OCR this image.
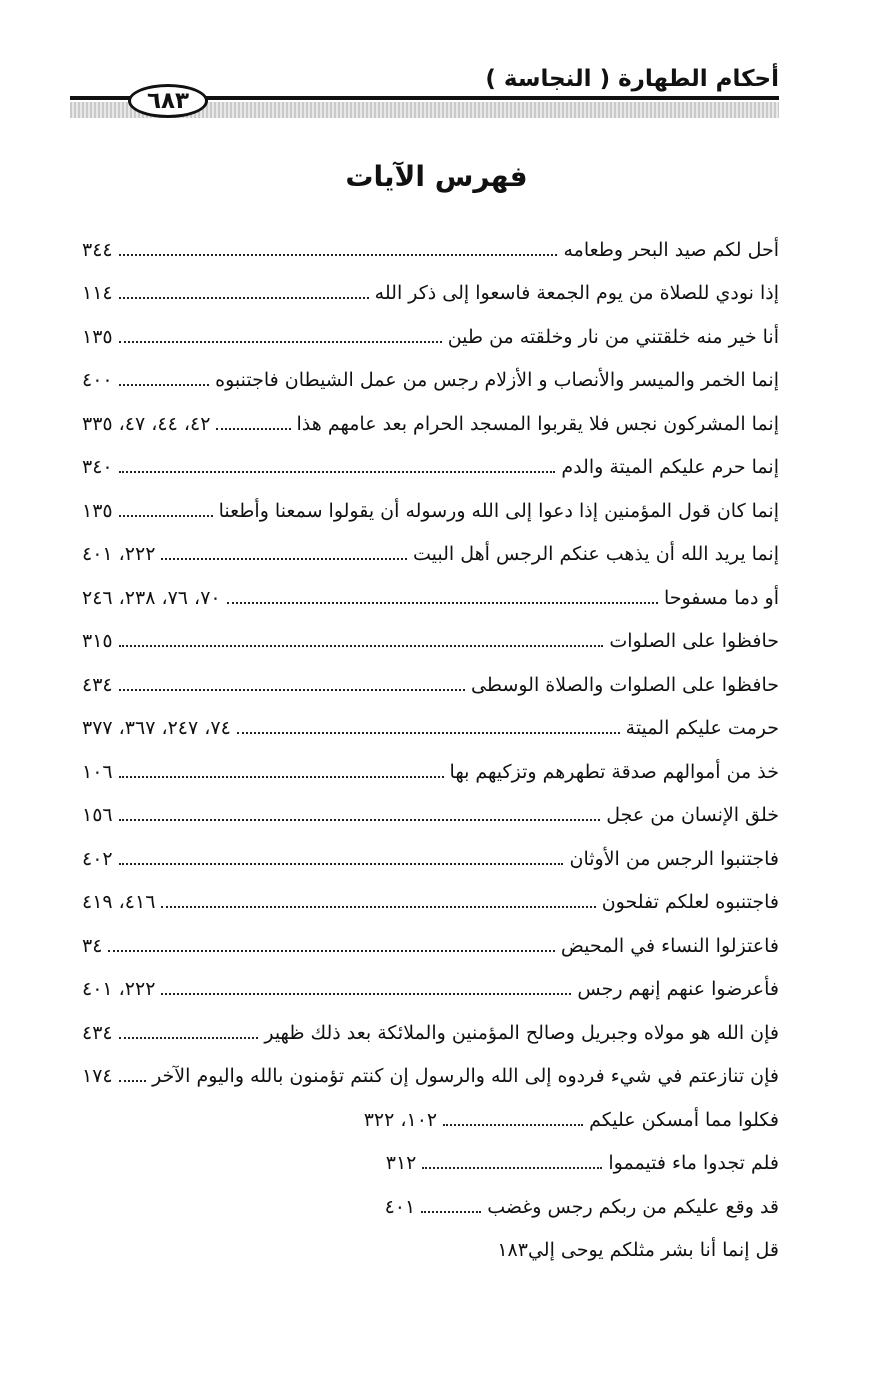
أحكام الطهارة ( النجاسة )
٦٨٣
فهرس الآيات
أحل لكم صيد البحر وطعامه
٣٤٤
إذا نودي للصلاة من يوم الجمعة فاسعوا إلى ذكر الله
١١٤
أنا خير منه خلقتني من نار وخلقته من طين
١٣٥
إنما الخمر والميسر والأنصاب و الأزلام رجس من عمل الشيطان فاجتنبوه
٤٠٠
إنما المشركون نجس فلا يقربوا المسجد الحرام بعد عامهم هذا
٤٢، ٤٤، ٤٧، ٣٣٥
إنما حرم عليكم الميتة والدم
٣٤٠
إنما كان قول المؤمنين إذا دعوا إلى الله ورسوله أن يقولوا سمعنا وأطعنا
١٣٥
إنما يريد الله أن يذهب عنكم الرجس أهل البيت
٢٢٢، ٤٠١
أو دما مسفوحا
٧٠، ٧٦، ٢٣٨، ٢٤٦
حافظوا على الصلوات
٣١٥
حافظوا على الصلوات والصلاة الوسطى
٤٣٤
حرمت عليكم الميتة
٧٤، ٢٤٧، ٣٦٧، ٣٧٧
خذ من أموالهم صدقة تطهرهم وتزكيهم بها
١٠٦
خلق الإنسان من عجل
١٥٦
فاجتنبوا الرجس من الأوثان
٤٠٢
فاجتنبوه لعلكم تفلحون
٤١٦، ٤١٩
فاعتزلوا النساء في المحيض
٣٤
فأعرضوا عنهم إنهم رجس
٢٢٢، ٤٠١
فإن الله هو مولاه وجبريل وصالح المؤمنين والملائكة بعد ذلك ظهير
٤٣٤
فإن تنازعتم في شيء فردوه إلى الله والرسول إن كنتم تؤمنون بالله واليوم الآخر
١٧٤
فكلوا مما أمسكن عليكم
١٠٢، ٣٢٢
فلم تجدوا ماء فتيمموا
٣١٢
قد وقع عليكم من ربكم رجس وغضب
٤٠١
قل إنما أنا بشر مثلكم يوحى إلي
١٨٣
